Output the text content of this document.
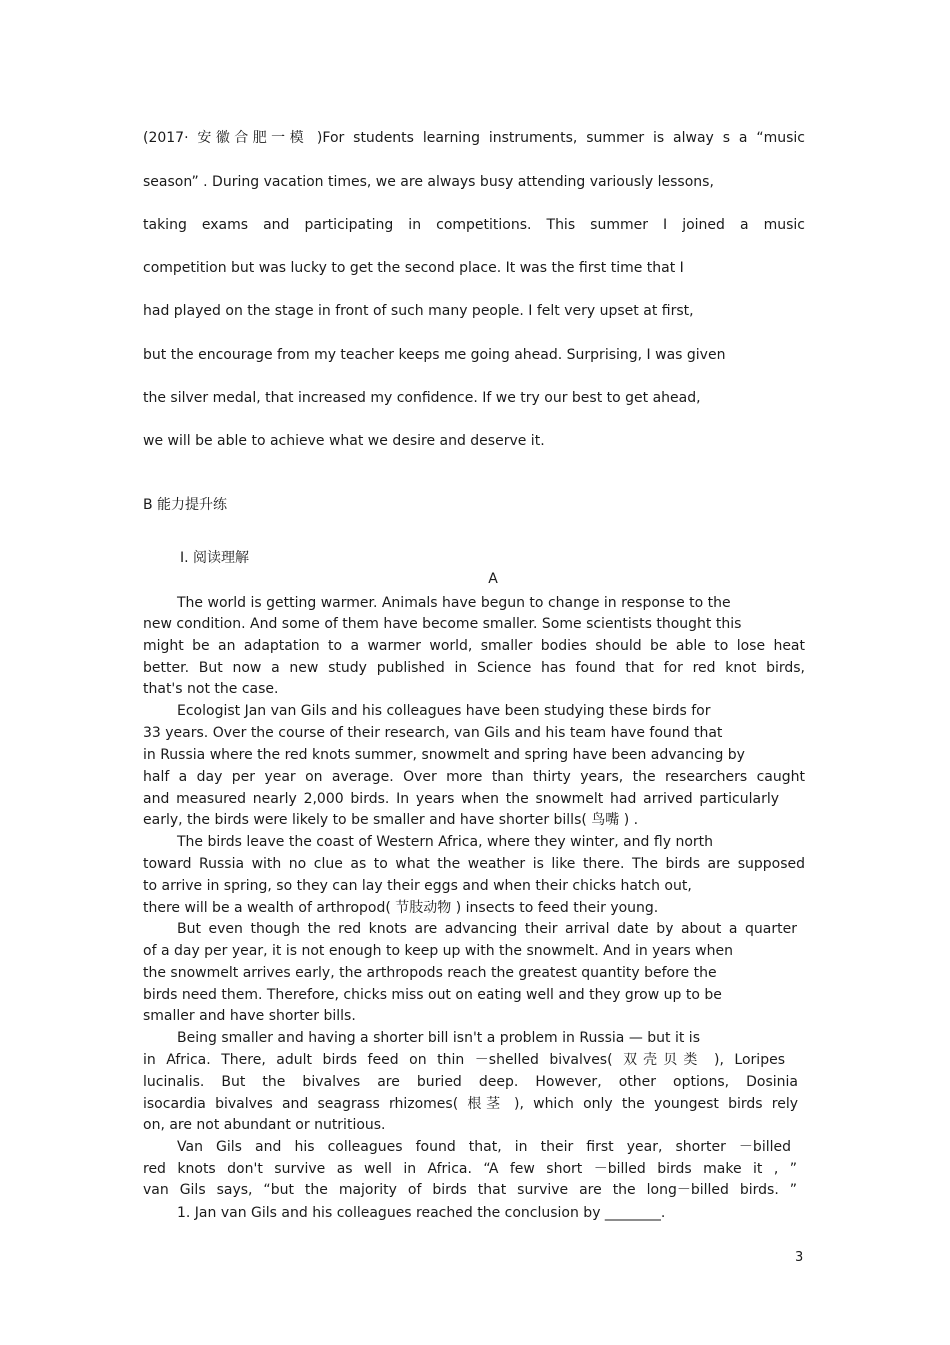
(2017· 安徽合肥一模 )For students learning instruments, summer is alway s a “music
season” . During vacation times, we are always busy attending variously lessons,
taking exams and participating in competitions. This summer I joined a music
competition but was lucky to get the second place. It was the first time that I
had played on the stage in front of such many people. I felt very upset at first,
but the encourage from my teacher keeps me going ahead. Surprising, I was given
the silver medal, that increased my confidence. If we try our best to get ahead,
we will be able to achieve what we desire and deserve it.
B 能力提升练
Ⅰ. 阅读理解
A
The world is getting warmer. Animals have begun to change in response to the
new condition. And some of them have become smaller. Some scientists thought this
might be an adaptation to a warmer world, smaller bodies should be able to lose heat
better. But now a new study published in Science has found that for red knot birds,
that's not the case.
Ecologist Jan van Gils and his colleagues have been studying these birds for
33 years. Over the course of their research, van Gils and his team have found that
in Russia where the red knots summer, snowmelt and spring have been advancing by
half a day per year on average. Over more than thirty years, the researchers caught
and measured nearly 2,000 birds. In years when the snowmelt had arrived particularly
early, the birds were likely to be smaller and have shorter bills( 鸟嘴 ) .
The birds leave the coast of Western Africa, where they winter, and fly north
toward Russia with no clue as to what the weather is like there. The birds are supposed
to arrive in spring, so they can lay their eggs and when their chicks hatch out,
there will be a wealth of arthropod( 节肢动物 ) insects to feed their young.
But even though the red knots are advancing their arrival date by about a quarter
of a day per year, it is not enough to keep up with the snowmelt. And in years when
the snowmelt arrives early, the arthropods reach the greatest quantity before the
birds need them. Therefore, chicks miss out on eating well and they grow up to be
smaller and have shorter bills.
Being smaller and having a shorter bill isn't a problem in Russia — but it is
in Africa. There, adult birds feed on thin －shelled bivalves( 双壳贝类 ), Loripes
lucinalis. But the bivalves are buried deep. However, other options, Dosinia
isocardia bivalves and seagrass rhizomes( 根茎 ), which only the youngest birds rely
on, are not abundant or nutritious.
Van Gils and his colleagues found that, in their first year, shorter －billed
red knots don't survive as well in Africa. “A few short －billed birds make it , ”
van Gils says, “but the majority of birds that survive are the long－billed birds. ”
1. Jan van Gils and his colleagues reached the conclusion by ________.
3
